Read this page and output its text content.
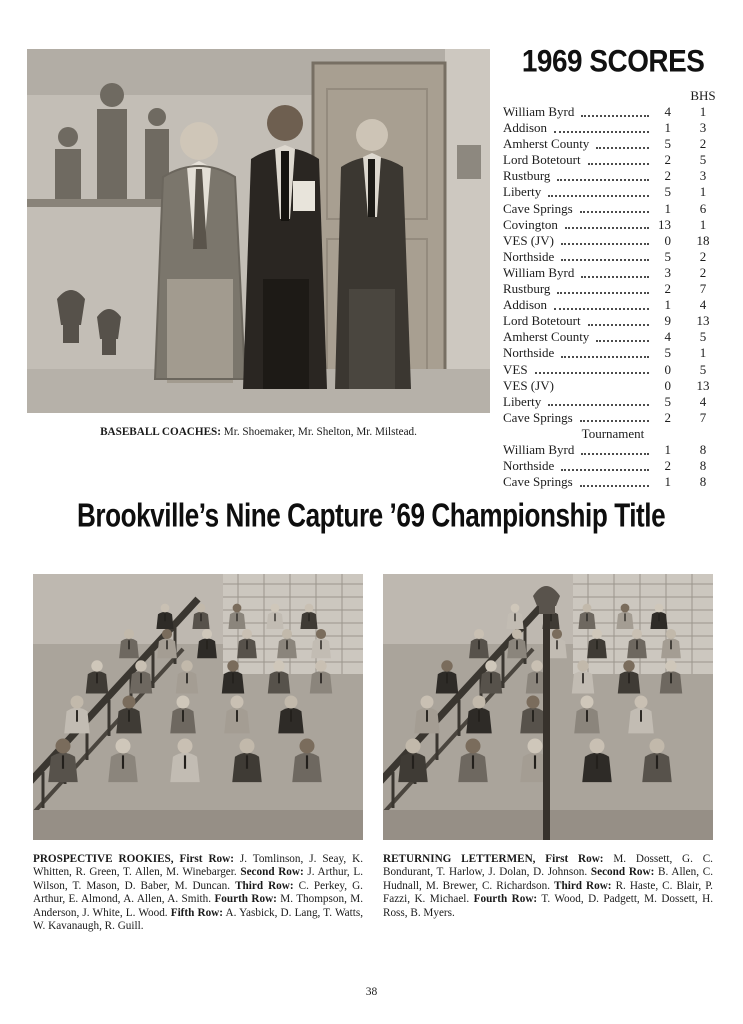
BASEBALL COACHES: Mr. Shoemaker, Mr. Shelton, Mr. Milstead.
1969 SCORES
BHS
William Byrd	4	1
Addison	1	3
Amherst County	5	2
Lord Botetourt	2	5
Rustburg	2	3
Liberty	5	1
Cave Springs	1	6
Covington	13	1
VES (JV)	0	18
Northside	5	2
William Byrd	3	2
Rustburg	2	7
Addison	1	4
Lord Botetourt	9	13
Amherst County	4	5
Northside	5	1
VES	0	5
VES (JV)	0	13
Liberty	5	4
Cave Springs	2	7
Tournament
William Byrd	1	8
Northside	2	8
Cave Springs	1	8
Brookville’s Nine Capture ’69 Championship Title
PROSPECTIVE ROOKIES, First Row: J. Tomlinson, J. Seay, K. Whitten, R. Green, T. Allen, M. Winebarger. Second Row: J. Arthur, L. Wilson, T. Mason, D. Baber, M. Duncan. Third Row: C. Perkey, G. Arthur, E. Almond, A. Allen, A. Smith. Fourth Row: M. Thompson, M. Anderson, J. White, L. Wood. Fifth Row: A. Yasbick, D. Lang, T. Watts, W. Kavanaugh, R. Guill.
RETURNING LETTERMEN, First Row: M. Dossett, G. C. Bondurant, T. Harlow, J. Dolan, D. Johnson. Second Row: B. Allen, C. Hudnall, M. Brewer, C. Richardson. Third Row: R. Haste, C. Blair, P. Fazzi, K. Michael. Fourth Row: T. Wood, D. Padgett, M. Dossett, H. Ross, B. Myers.
38
